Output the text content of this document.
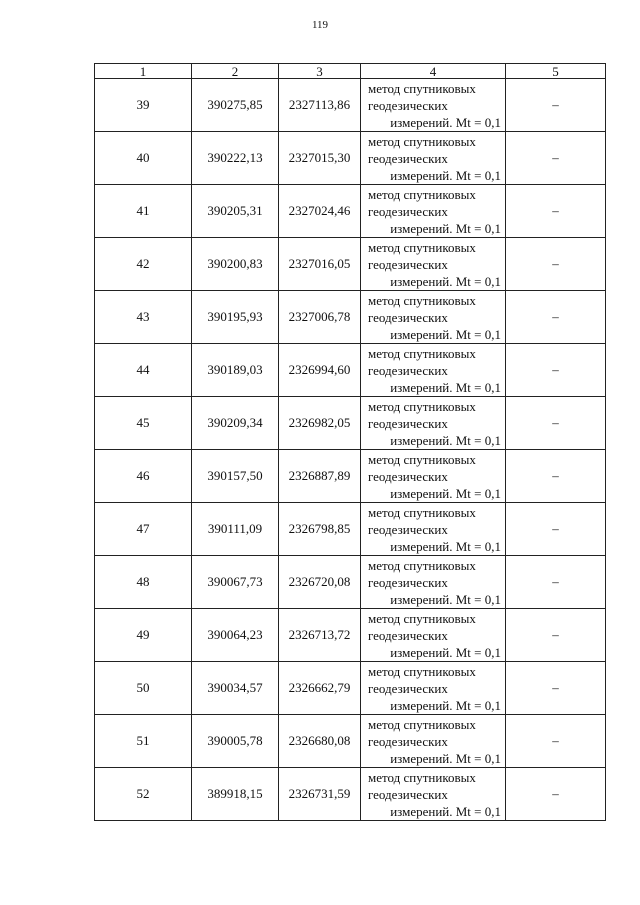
119
1	2	3	4	5
39	390275,85	2327113,86	метод спутниковых
геодезических
измерений. Mt = 0,1	–
40	390222,13	2327015,30	метод спутниковых
геодезических
измерений. Mt = 0,1	–
41	390205,31	2327024,46	метод спутниковых
геодезических
измерений. Mt = 0,1	–
42	390200,83	2327016,05	метод спутниковых
геодезических
измерений. Mt = 0,1	–
43	390195,93	2327006,78	метод спутниковых
геодезических
измерений. Mt = 0,1	–
44	390189,03	2326994,60	метод спутниковых
геодезических
измерений. Mt = 0,1	–
45	390209,34	2326982,05	метод спутниковых
геодезических
измерений. Mt = 0,1	–
46	390157,50	2326887,89	метод спутниковых
геодезических
измерений. Mt = 0,1	–
47	390111,09	2326798,85	метод спутниковых
геодезических
измерений. Mt = 0,1	–
48	390067,73	2326720,08	метод спутниковых
геодезических
измерений. Mt = 0,1	–
49	390064,23	2326713,72	метод спутниковых
геодезических
измерений. Mt = 0,1	–
50	390034,57	2326662,79	метод спутниковых
геодезических
измерений. Mt = 0,1	–
51	390005,78	2326680,08	метод спутниковых
геодезических
измерений. Mt = 0,1	–
52	389918,15	2326731,59	метод спутниковых
геодезических
измерений. Mt = 0,1	–
